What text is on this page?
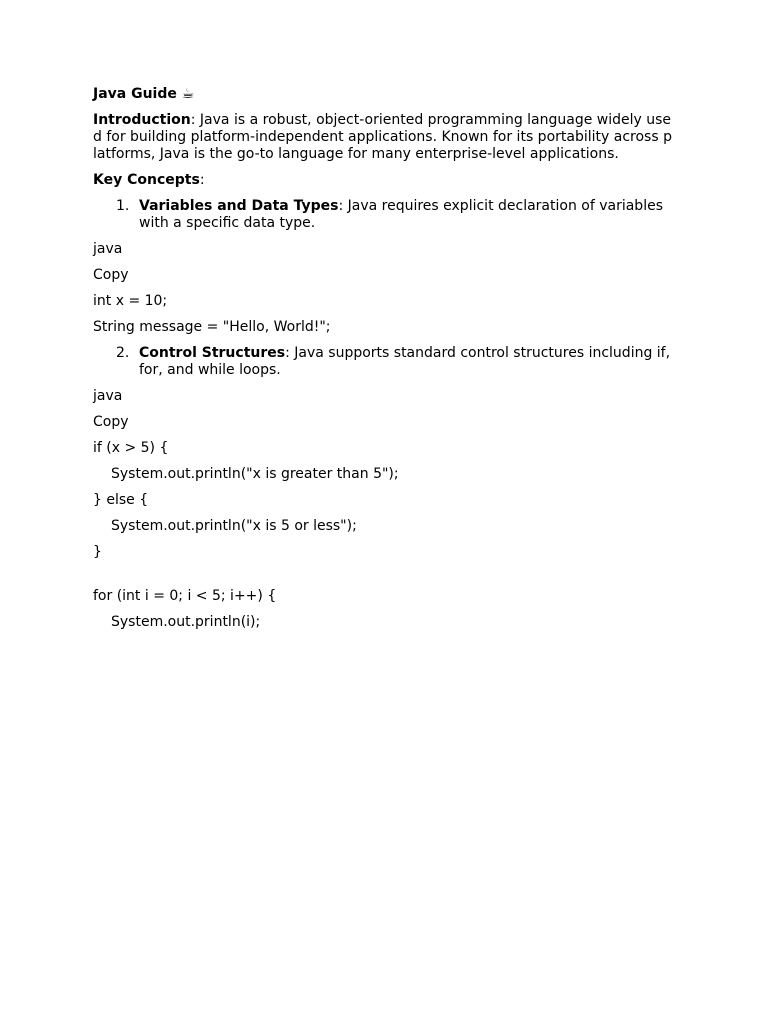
Java Guide ☕
Introduction: Java is a robust, object-oriented programming language widely used for building platform-independent applications. Known for its portability across platforms, Java is the go-to language for many enterprise-level applications.
Key Concepts:
1. Variables and Data Types: Java requires explicit declaration of variables with a specific data type.
java
Copy
int x = 10;
String message = "Hello, World!";
2. Control Structures: Java supports standard control structures including if, for, and while loops.
java
Copy
if (x > 5) {
System.out.println("x is greater than 5");
} else {
System.out.println("x is 5 or less");
}
for (int i = 0; i < 5; i++) {
System.out.println(i);
